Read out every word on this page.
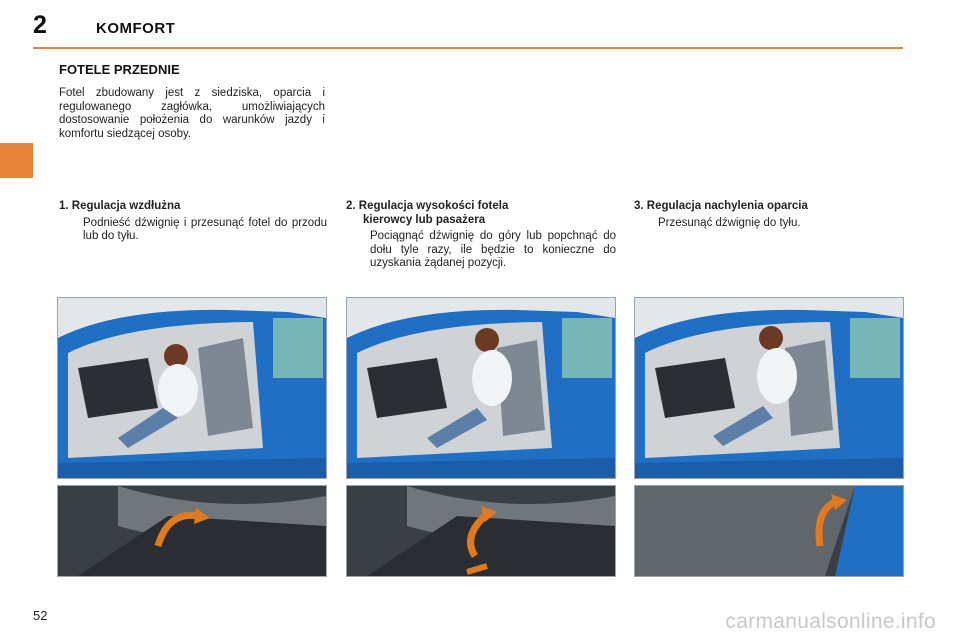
2	KOMFORT
FOTELE PRZEDNIE
Fotel zbudowany jest z siedziska, oparcia i regulowanego zagłówka, umożliwiających dostosowanie położenia do warunków jazdy i komfortu siedzącej osoby.
1. Regulacja wzdłużna
Podnieść dźwignię i przesunąć fotel do przodu lub do tyłu.
2. Regulacja wysokości fotela
kierowcy lub pasażera
Pociągnąć dźwignię do góry lub popchnąć do dołu tyle razy, ile będzie to konieczne do uzyskania żądanej pozycji.
3. Regulacja nachylenia oparcia
Przesunąć dźwignię do tyłu.
52	carmanualsonline.info
